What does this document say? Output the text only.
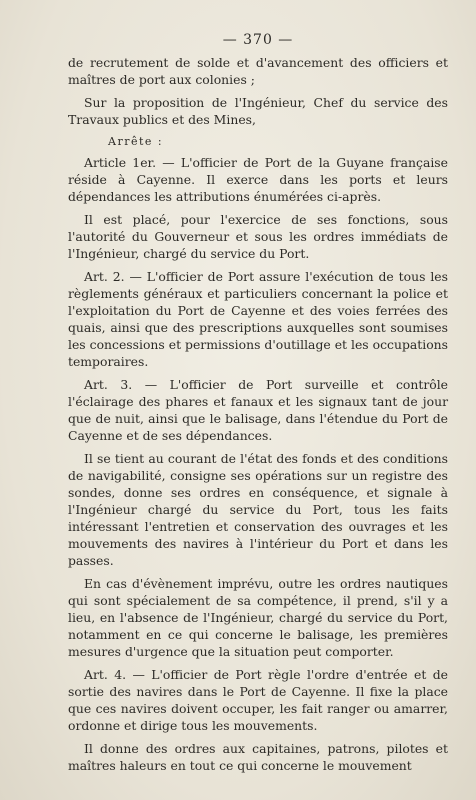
— 370 —

de recrutement de solde et d'avancement des officiers et maîtres de port aux colonies ;

Sur la proposition de l'Ingénieur, Chef du service des Travaux publics et des Mines,

Arrête :

Article 1er. — L'officier de Port de la Guyane française réside à Cayenne. Il exerce dans les ports et leurs dépendances les attributions énumérées ci-après.

Il est placé, pour l'exercice de ses fonctions, sous l'autorité du Gouverneur et sous les ordres immédiats de l'Ingénieur, chargé du service du Port.

Art. 2. — L'officier de Port assure l'exécution de tous les règlements généraux et particuliers concernant la police et l'exploitation du Port de Cayenne et des voies ferrées des quais, ainsi que des prescriptions auxquelles sont soumises les concessions et permissions d'outillage et les occupations temporaires.

Art. 3. — L'officier de Port surveille et contrôle l'éclairage des phares et fanaux et les signaux tant de jour que de nuit, ainsi que le balisage, dans l'étendue du Port de Cayenne et de ses dépendances.

Il se tient au courant de l'état des fonds et des conditions de navigabilité, consigne ses opérations sur un registre des sondes, donne ses ordres en conséquence, et signale à l'Ingénieur chargé du service du Port, tous les faits intéressant l'entretien et conservation des ouvrages et les mouvements des navires à l'intérieur du Port et dans les passes.

En cas d'évènement imprévu, outre les ordres nautiques qui sont spécialement de sa compétence, il prend, s'il y a lieu, en l'absence de l'Ingénieur, chargé du service du Port, notamment en ce qui concerne le balisage, les premières mesures d'urgence que la situation peut comporter.

Art. 4. — L'officier de Port règle l'ordre d'entrée et de sortie des navires dans le Port de Cayenne. Il fixe la place que ces navires doivent occuper, les fait ranger ou amarrer, ordonne et dirige tous les mouvements.

Il donne des ordres aux capitaines, patrons, pilotes et maîtres haleurs en tout ce qui concerne le mouvement
